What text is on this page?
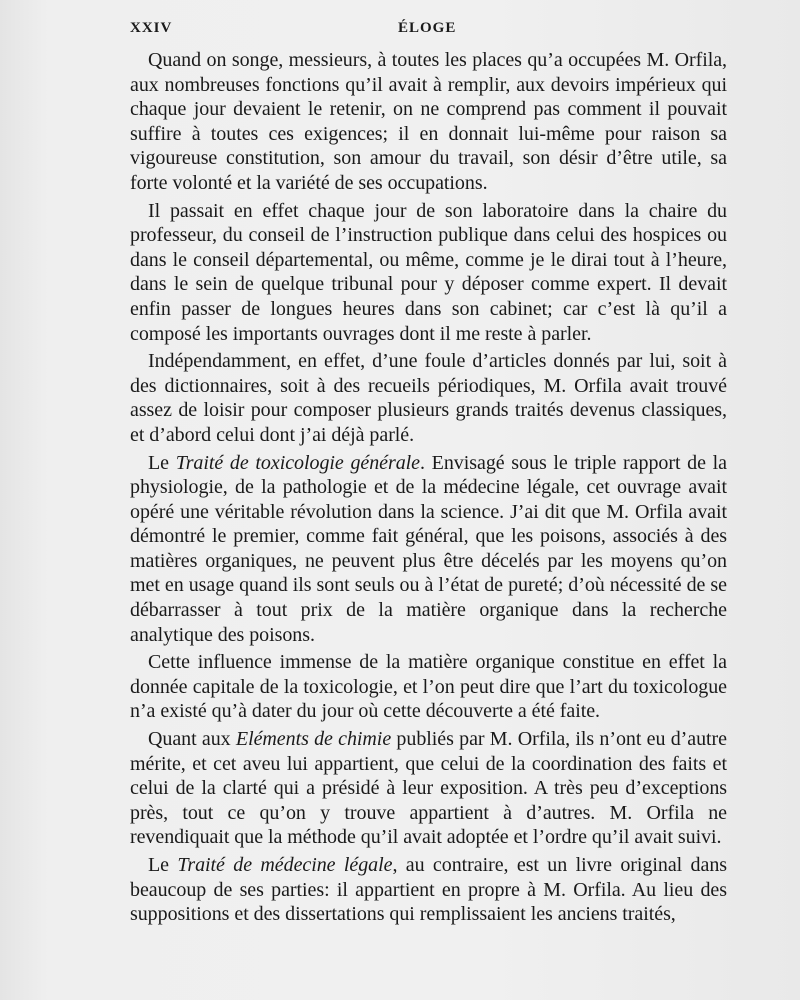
XXIV	ÉLOGE

Quand on songe, messieurs, à toutes les places qu’a occupées M. Orfila, aux nombreuses fonctions qu’il avait à remplir, aux devoirs impérieux qui chaque jour devaient le retenir, on ne comprend pas comment il pouvait suffire à toutes ces exigences; il en donnait lui-même pour raison sa vigoureuse constitution, son amour du travail, son désir d’être utile, sa forte volonté et la variété de ses occupations.

Il passait en effet chaque jour de son laboratoire dans la chaire du professeur, du conseil de l’instruction publique dans celui des hospices ou dans le conseil départemental, ou même, comme je le dirai tout à l’heure, dans le sein de quelque tribunal pour y déposer comme expert. Il devait enfin passer de longues heures dans son cabinet; car c’est là qu’il a composé les importants ouvrages dont il me reste à parler.

Indépendamment, en effet, d’une foule d’articles donnés par lui, soit à des dictionnaires, soit à des recueils périodiques, M. Orfila avait trouvé assez de loisir pour composer plusieurs grands traités devenus classiques, et d’abord celui dont j’ai déjà parlé.

Le Traité de toxicologie générale. Envisagé sous le triple rapport de la physiologie, de la pathologie et de la médecine légale, cet ouvrage avait opéré une véritable révolution dans la science. J’ai dit que M. Orfila avait démontré le premier, comme fait général, que les poisons, associés à des matières organiques, ne peuvent plus être décelés par les moyens qu’on met en usage quand ils sont seuls ou à l’état de pureté; d’où nécessité de se débarrasser à tout prix de la matière organique dans la recherche analytique des poisons.

Cette influence immense de la matière organique constitue en effet la donnée capitale de la toxicologie, et l’on peut dire que l’art du toxicologue n’a existé qu’à dater du jour où cette découverte a été faite.

Quant aux Eléments de chimie publiés par M. Orfila, ils n’ont eu d’autre mérite, et cet aveu lui appartient, que celui de la coordination des faits et celui de la clarté qui a présidé à leur exposition. A très peu d’exceptions près, tout ce qu’on y trouve appartient à d’autres. M. Orfila ne revendiquait que la méthode qu’il avait adoptée et l’ordre qu’il avait suivi.

Le Traité de médecine légale, au contraire, est un livre original dans beaucoup de ses parties: il appartient en propre à M. Orfila. Au lieu des suppositions et des dissertations qui remplissaient les anciens traités,
